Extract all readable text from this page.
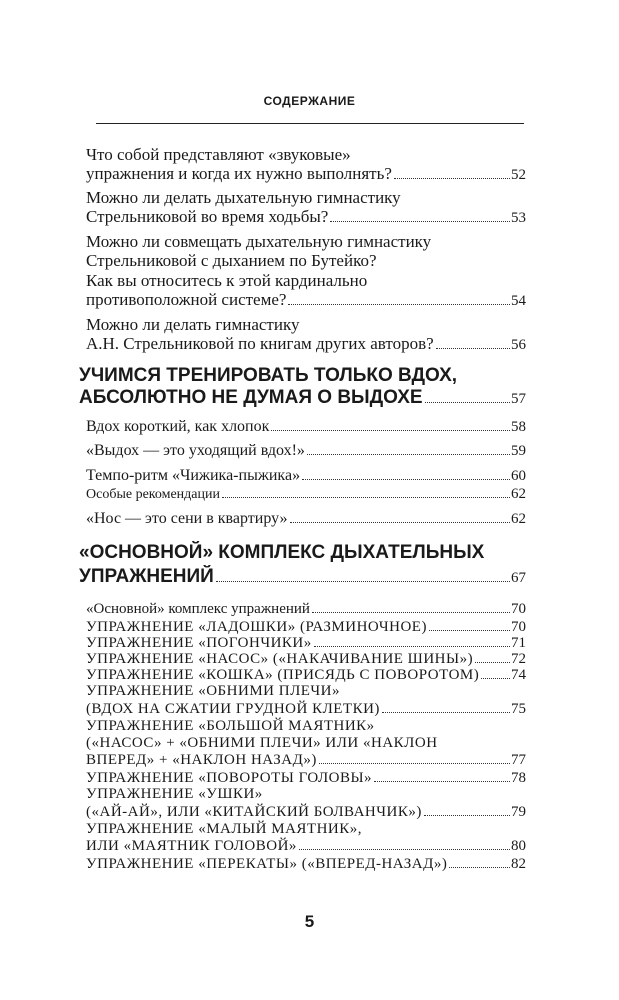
СОДЕРЖАНИЕ
Что собой представляют «звуковые»
упражнения и когда их нужно выполнять?	52
Можно ли делать дыхательную гимнастику
Стрельниковой во время ходьбы?	53
Можно ли совмещать дыхательную гимнастику
Стрельниковой с дыханием по Бутейко?
Как вы относитесь к этой кардинально
противоположной системе?	54
Можно ли делать гимнастику
А.Н. Стрельниковой по книгам других авторов?	56
УЧИМСЯ ТРЕНИРОВАТЬ ТОЛЬКО ВДОХ,
АБСОЛЮТНО НЕ ДУМАЯ О ВЫДОХЕ	57
Вдох короткий, как хлопок	58
«Выдох — это уходящий вдох!»	59
Темпо-ритм «Чижика-пыжика»	60
Особые рекомендации	62
«Нос — это сени в квартиру»	62
«ОСНОВНОЙ» КОМПЛЕКС ДЫХАТЕЛЬНЫХ
УПРАЖНЕНИЙ	67
«Основной» комплекс упражнений	70
УПРАЖНЕНИЕ «ЛАДОШКИ» (РАЗМИНОЧНОЕ)	70
УПРАЖНЕНИЕ «ПОГОНЧИКИ»	71
УПРАЖНЕНИЕ «НАСОС» («НАКАЧИВАНИЕ ШИНЫ»)	72
УПРАЖНЕНИЕ «КОШКА» (ПРИСЯДЬ С ПОВОРОТОМ) 74
УПРАЖНЕНИЕ «ОБНИМИ ПЛЕЧИ»
(ВДОХ НА СЖАТИИ ГРУДНОЙ КЛЕТКИ)	75
УПРАЖНЕНИЕ «БОЛЬШОЙ МАЯТНИК»
(«НАСОС» + «ОБНИМИ ПЛЕЧИ» ИЛИ «НАКЛОН
ВПЕРЕД» + «НАКЛОН НАЗАД»)	77
УПРАЖНЕНИЕ «ПОВОРОТЫ ГОЛОВЫ»	78
УПРАЖНЕНИЕ «УШКИ»
(«АЙ-АЙ», ИЛИ «КИТАЙСКИЙ БОЛВАНЧИК»)	79
УПРАЖНЕНИЕ «МАЛЫЙ МАЯТНИК»,
ИЛИ «МАЯТНИК ГОЛОВОЙ»	80
УПРАЖНЕНИЕ «ПЕРЕКАТЫ» («ВПЕРЕД-НАЗАД»)	82
5
